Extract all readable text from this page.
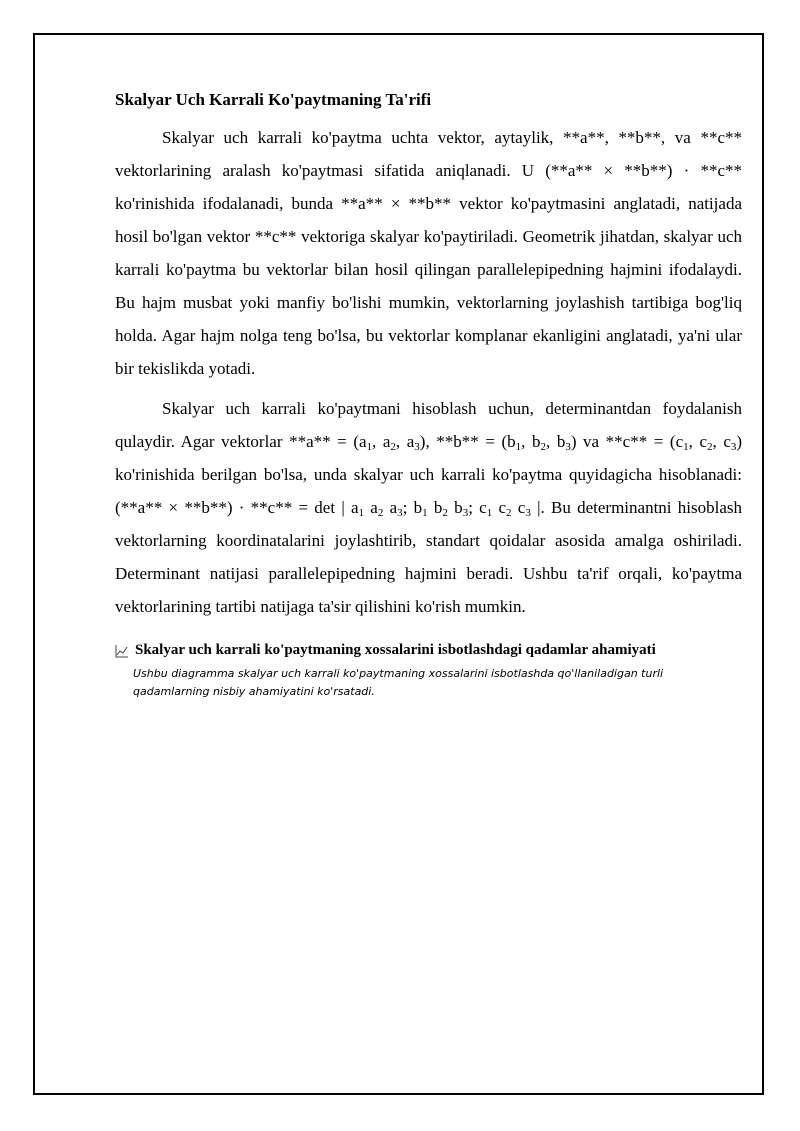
Skalyar Uch Karrali Ko'paytmaning Ta'rifi

Skalyar uch karrali ko'paytma uchta vektor, aytaylik, **a**, **b**, va **c** vektorlarining aralash ko'paytmasi sifatida aniqlanadi. U (**a** × **b**) · **c** ko'rinishida ifodalanadi, bunda **a** × **b** vektor ko'paytmasini anglatadi, natijada hosil bo'lgan vektor **c** vektoriga skalyar ko'paytiriladi. Geometrik jihatdan, skalyar uch karrali ko'paytma bu vektorlar bilan hosil qilingan parallelepipedning hajmini ifodalaydi. Bu hajm musbat yoki manfiy bo'lishi mumkin, vektorlarning joylashish tartibiga bog'liq holda. Agar hajm nolga teng bo'lsa, bu vektorlar komplanar ekanligini anglatadi, ya'ni ular bir tekislikda yotadi.

Skalyar uch karrali ko'paytmani hisoblash uchun, determinantdan foydalanish qulaydir. Agar vektorlar $**a** = (a_1$, $a_2$, $a_3$), $**b** = (b_1$, $b_2$, $b_3$) va $**c** = (c_1$, $c_2$, $c_3$) ko'rinishida berilgan bo'lsa, unda skalyar uch karrali ko'paytma quyidagicha hisoblanadi: (**a** × **b**) · **c** = det | $a_1$ $a_2$ $a_3$; $b_1$ $b_2$ $b_3$; $c_1$ $c_2$ $c_3$ |. Bu determinantni hisoblash vektorlarning koordinatalarini joylashtirib, standart qoidalar asosida amalga oshiriladi. Determinant natijasi parallelepipedning hajmini beradi. Ushbu ta'rif orqali, ko'paytma vektorlarining tartibi natijaga ta'sir qilishini ko'rish mumkin.

Skalyar uch karrali ko'paytmaning xossalarini isbotlashdagi qadamlar ahamiyati
Ushbu diagramma skalyar uch karrali ko'paytmaning xossalarini isbotlashda qo'llaniladigan turli qadamlarning nisbiy ahamiyatini ko'rsatadi.
